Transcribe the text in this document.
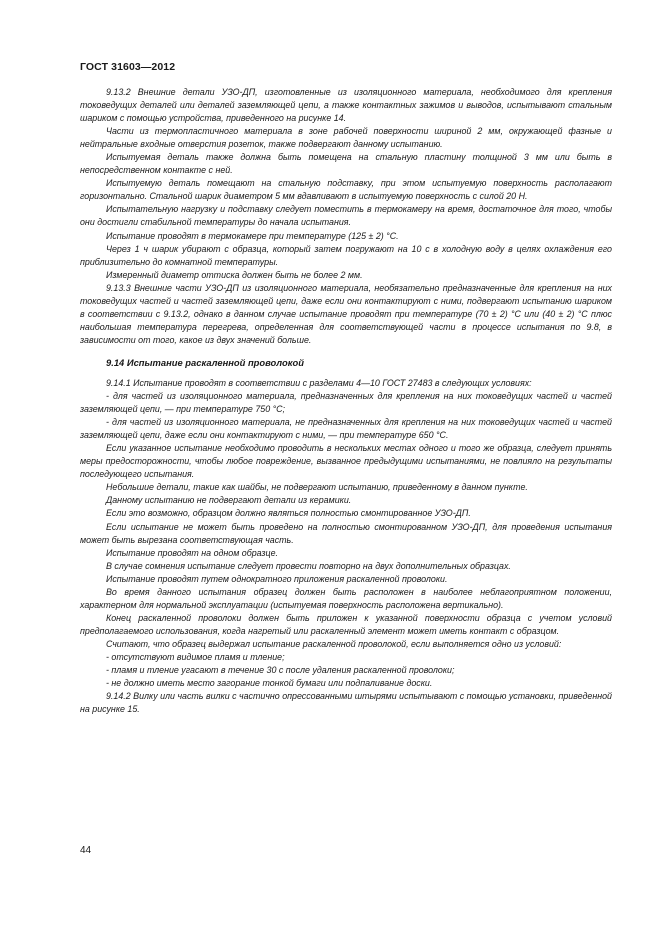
ГОСТ 31603—2012

9.13.2 Внешние детали УЗО-ДП, изготовленные из изоляционного материала, необходимого для крепления токоведущих деталей или деталей заземляющей цепи, а также контактных зажимов и выводов, испытывают стальным шариком с помощью устройства, приведенного на рисунке 14.

Части из термопластичного материала в зоне рабочей поверхности шириной 2 мм, окружающей фазные и нейтральные входные отверстия розеток, также подвергают данному испытанию.

Испытуемая деталь также должна быть помещена на стальную пластину толщиной 3 мм или быть в непосредственном контакте с ней.

Испытуемую деталь помещают на стальную подставку, при этом испытуемую поверхность располагают горизонтально. Стальной шарик диаметром 5 мм вдавливают в испытуемую поверхность с силой 20 Н.

Испытательную нагрузку и подставку следует поместить в термокамеру на время, достаточное для того, чтобы они достигли стабильной температуры до начала испытания.

Испытание проводят в термокамере при температуре (125 ± 2) °С.

Через 1 ч шарик убирают с образца, который затем погружают на 10 с в холодную воду в целях охлаждения его приблизительно до комнатной температуры.

Измеренный диаметр оттиска должен быть не более 2 мм.

9.13.3 Внешние части УЗО-ДП из изоляционного материала, необязательно предназначенные для крепления на них токоведущих частей и частей заземляющей цепи, даже если они контактируют с ними, подвергают испытанию шариком в соответствии с 9.13.2, однако в данном случае испытание проводят при температуре (70 ± 2) °С или (40 ± 2) °С плюс наибольшая температура перегрева, определенная для соответствующей части в процессе испытания по 9.8, в зависимости от того, какое из двух значений больше.

9.14 Испытание раскаленной проволокой

9.14.1 Испытание проводят в соответствии с разделами 4—10 ГОСТ 27483 в следующих условиях:

- для частей из изоляционного материала, предназначенных для крепления на них токоведущих частей и частей заземляющей цепи, — при температуре 750 °С;

- для частей из изоляционного материала, не предназначенных для крепления на них токоведущих частей и частей заземляющей цепи, даже если они контактируют с ними, — при температуре 650 °С.

Если указанное испытание необходимо проводить в нескольких местах одного и того же образца, следует принять меры предосторожности, чтобы любое повреждение, вызванное предыдущими испытаниями, не повлияло на результаты последующего испытания.

Небольшие детали, такие как шайбы, не подвергают испытанию, приведенному в данном пункте.

Данному испытанию не подвергают детали из керамики.

Если это возможно, образцом должно являться полностью смонтированное УЗО-ДП.

Если испытание не может быть проведено на полностью смонтированном УЗО-ДП, для проведения испытания может быть вырезана соответствующая часть.

Испытание проводят на одном образце.

В случае сомнения испытание следует провести повторно на двух дополнительных образцах.

Испытание проводят путем однократного приложения раскаленной проволоки.

Во время данного испытания образец должен быть расположен в наиболее неблагоприятном положении, характерном для нормальной эксплуатации (испытуемая поверхность расположена вертикально).

Конец раскаленной проволоки должен быть приложен к указанной поверхности образца с учетом условий предполагаемого использования, когда нагретый или раскаленный элемент может иметь контакт с образцом.

Считают, что образец выдержал испытание раскаленной проволокой, если выполняется одно из условий:

- отсутствуют видимое пламя и тление;

- пламя и тление угасают в течение 30 с после удаления раскаленной проволоки;

- не должно иметь место загорание тонкой бумаги или подпаливание доски.

9.14.2 Вилку или часть вилки с частично опрессованными штырями испытывают с помощью установки, приведенной на рисунке 15.

44
